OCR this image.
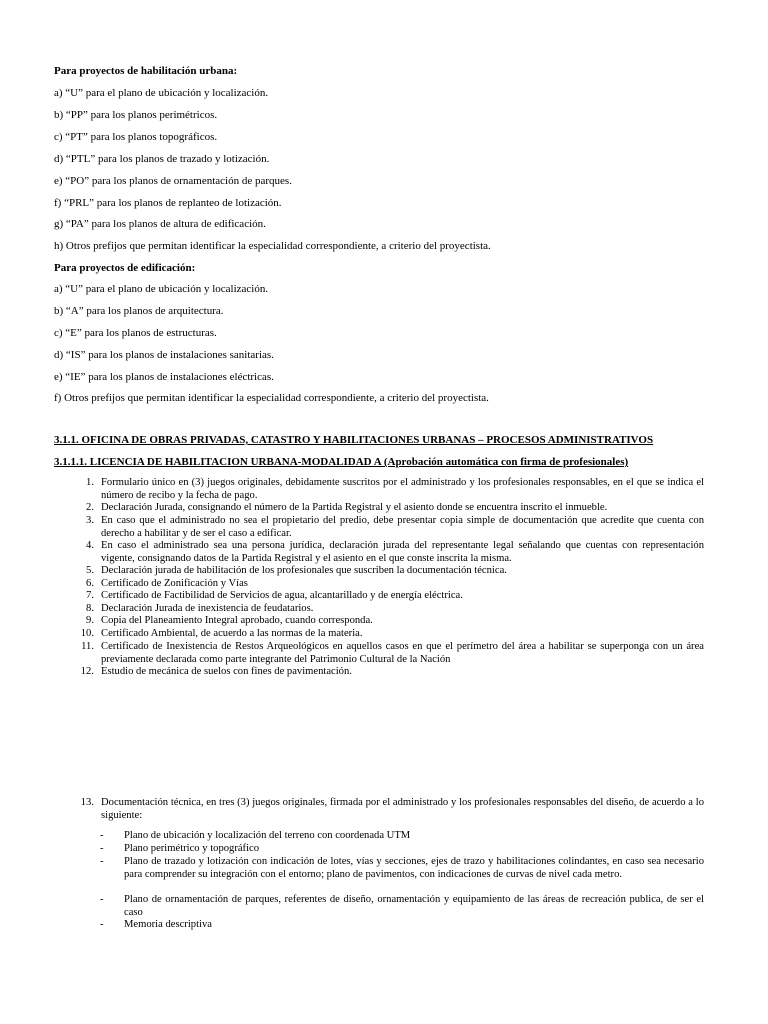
Para proyectos de habilitación urbana:
a) “U” para el plano de ubicación y localización.
b) “PP” para los planos perimétricos.
c) “PT” para los planos topográficos.
d) “PTL” para los planos de trazado y lotización.
e) “PO” para los planos de ornamentación de parques.
f) “PRL” para los planos de replanteo de lotización.
g) “PA” para los planos de altura de edificación.
h) Otros prefijos que permitan identificar la especialidad correspondiente, a criterio del proyectista.
Para proyectos de edificación:
a) “U” para el plano de ubicación y localización.
b) “A” para los planos de arquitectura.
c) “E” para los planos de estructuras.
d) “IS” para los planos de instalaciones sanitarias.
e) “IE” para los planos de instalaciones eléctricas.
f) Otros prefijos que permitan identificar la especialidad correspondiente, a criterio del proyectista.
3.1.1. OFICINA DE OBRAS PRIVADAS, CATASTRO Y HABILITACIONES URBANAS – PROCESOS ADMINISTRATIVOS
3.1.1.1. LICENCIA DE HABILITACION URBANA-MODALIDAD A (Aprobación automática con firma de profesionales)
1. Formulario único en (3) juegos originales, debidamente suscritos por el administrado y los profesionales responsables, en el que se indica el número de recibo y la fecha de pago.
2. Declaración Jurada, consignando el número de la Partida Registral y el asiento donde se encuentra inscrito el inmueble.
3. En caso que el administrado no sea el propietario del predio, debe presentar copia simple de documentación que acredite que cuenta con derecho a habilitar y de ser el caso a edificar.
4. En caso el administrado sea una persona jurídica, declaración jurada del representante legal señalando que cuentas con representación vigente, consignando datos de la Partida Registral y el asiento en el que conste inscrita la misma.
5. Declaración jurada de habilitación de los profesionales que suscriben la documentación técnica.
6. Certificado de Zonificación y Vías
7. Certificado de Factibilidad de Servicios de agua, alcantarillado y de energía eléctrica.
8. Declaración Jurada de inexistencia de feudatarios.
9. Copia del Planeamiento Integral aprobado, cuando corresponda.
10. Certificado Ambiental, de acuerdo a las normas de la materia.
11. Certificado de Inexistencia de Restos Arqueológicos en aquellos casos en que el perímetro del área a habilitar se superponga con un área previamente declarada como parte integrante del Patrimonio Cultural de la Nación
12. Estudio de mecánica de suelos con fines de pavimentación.
13. Documentación técnica, en tres (3) juegos originales, firmada por el administrado y los profesionales responsables del diseño, de acuerdo a lo siguiente:
- Plano de ubicación y localización del terreno con coordenada UTM
- Plano perimétrico y topográfico
- Plano de trazado y lotización con indicación de lotes, vías y secciones, ejes de trazo y habilitaciones colindantes, en caso sea necesario para comprender su integración con el entorno; plano de pavimentos, con indicaciones de curvas de nivel cada metro.
- Plano de ornamentación de parques, referentes de diseño, ornamentación y equipamiento de las áreas de recreación publica, de ser el caso
- Memoria descriptiva
